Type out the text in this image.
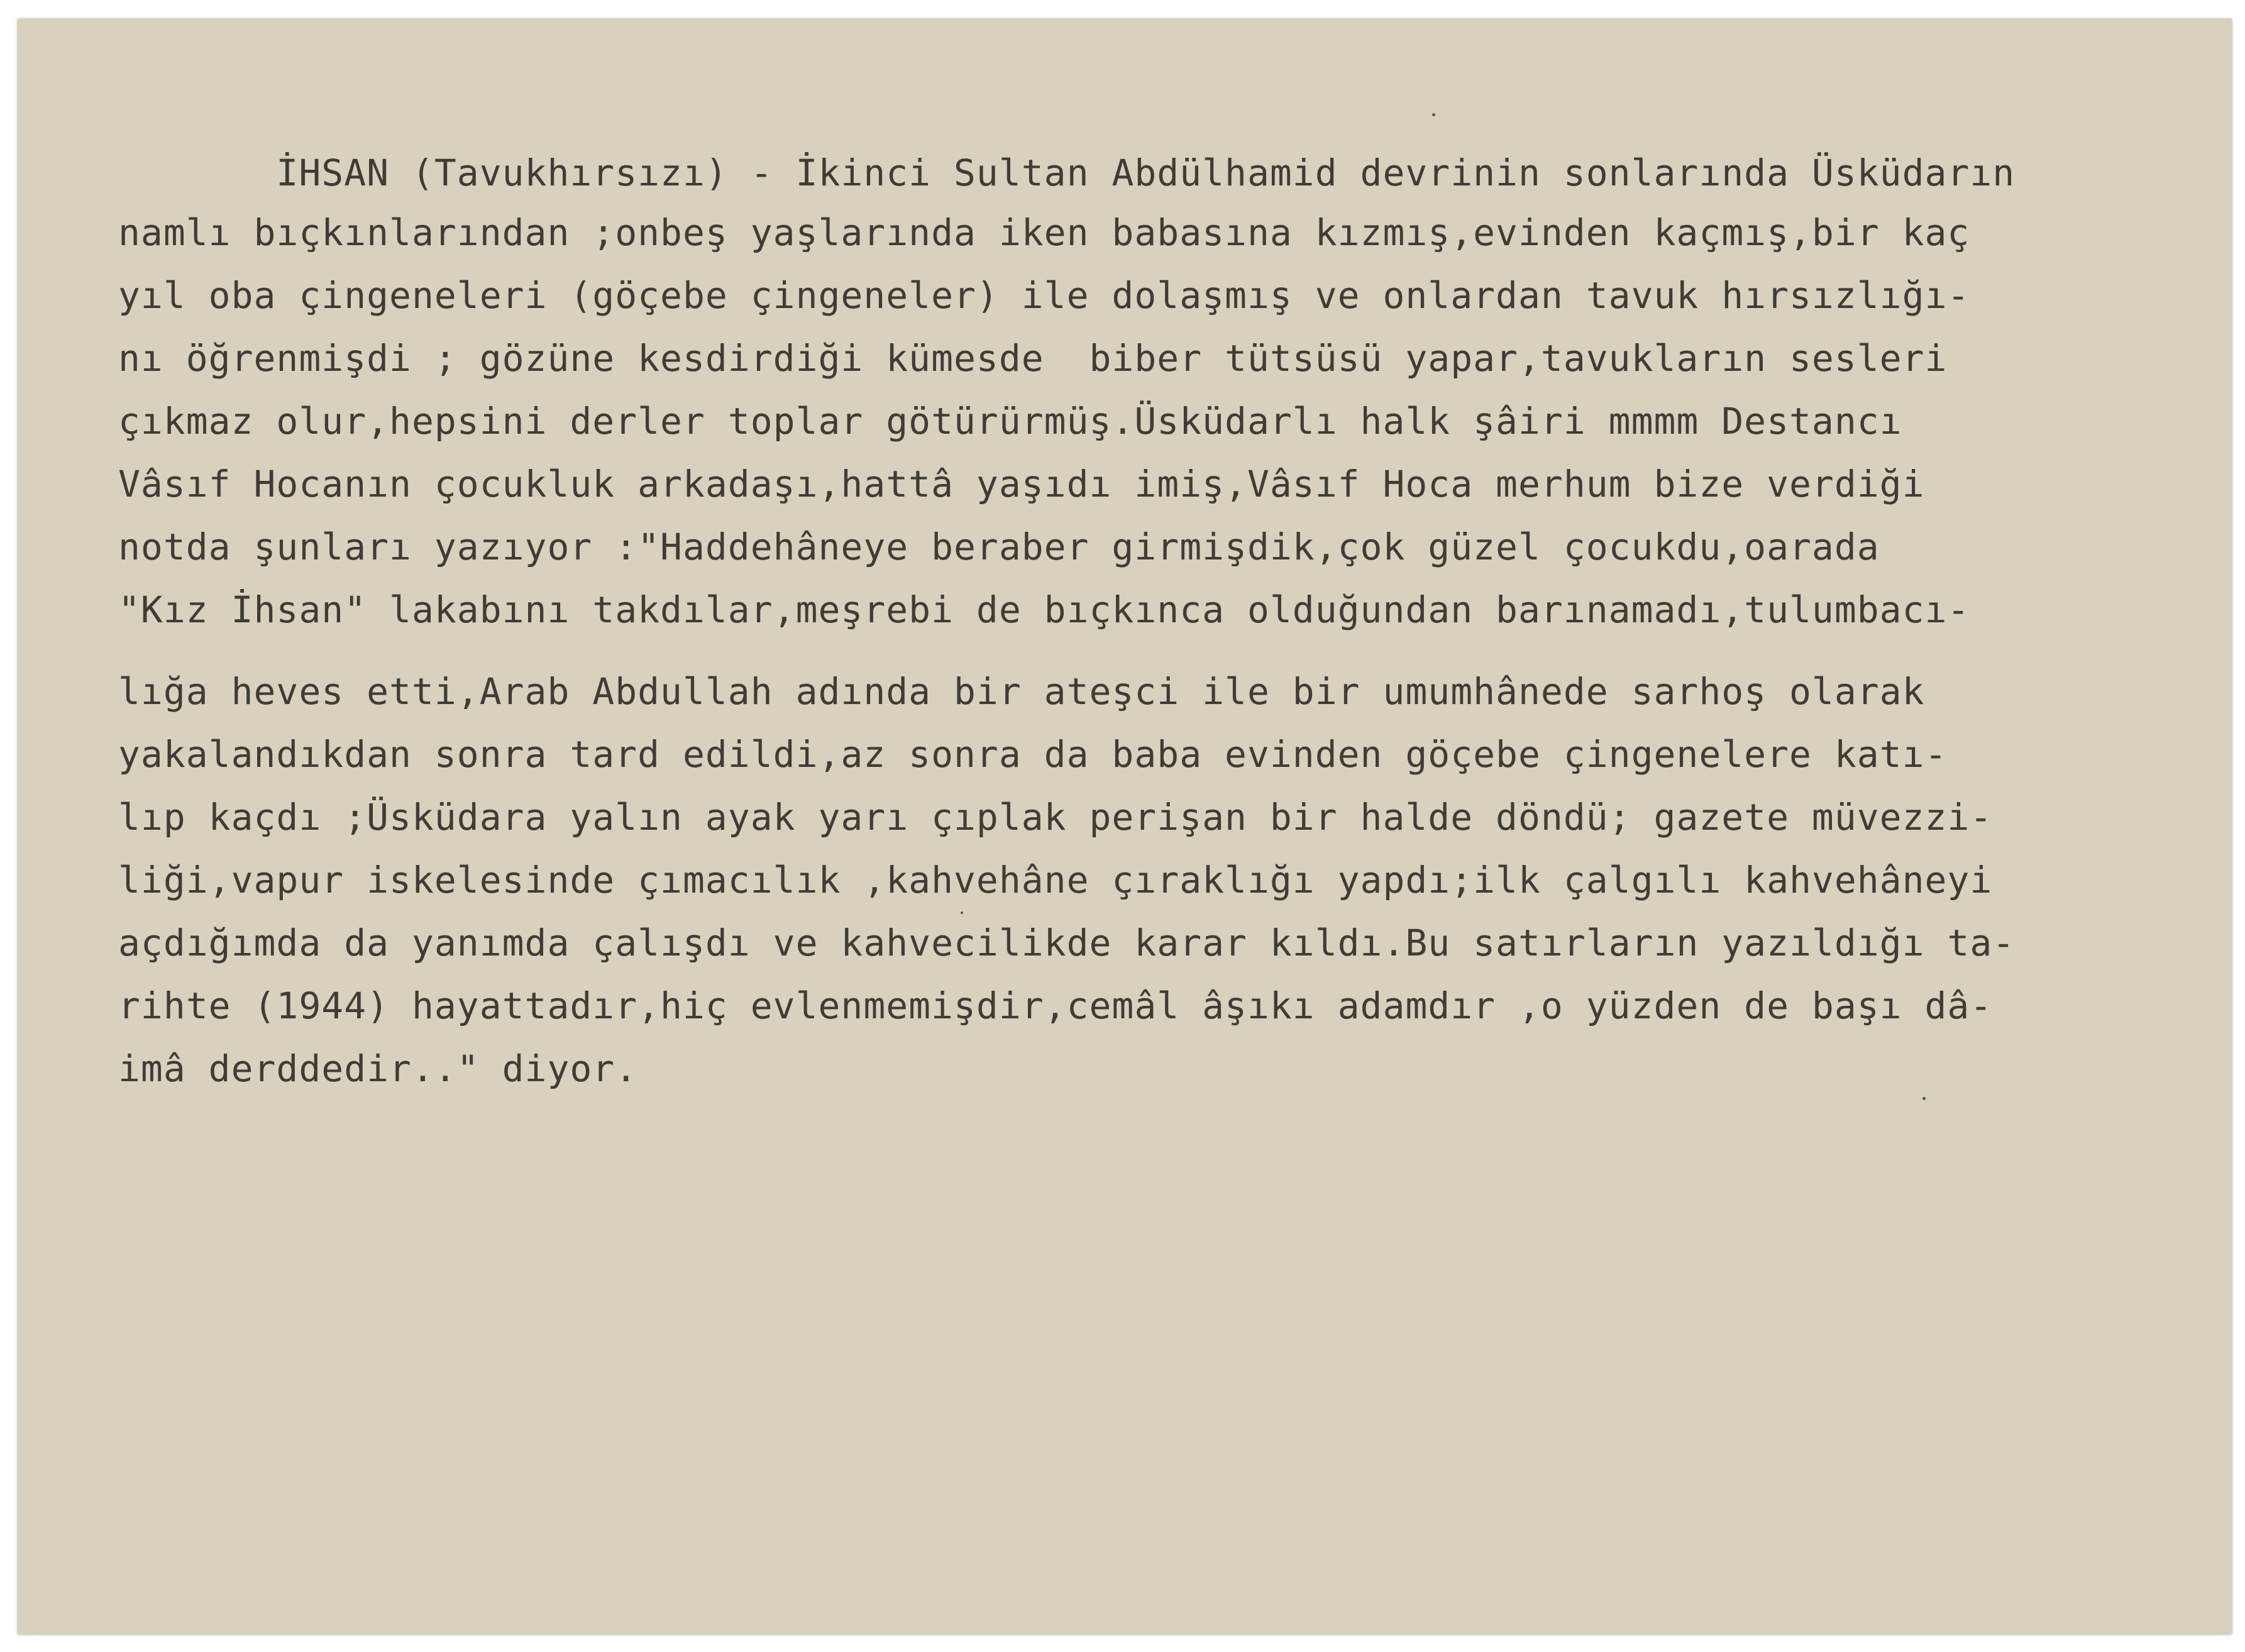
İHSAN (Tavukhırsızı) - İkinci Sultan Abdülhamid devrinin sonlarında Üsküdarın
namlı bıçkınlarından ;onbeş yaşlarında iken babasına kızmış,evinden kaçmış,bir kaç
yıl oba çingeneleri (göçebe çingeneler) ile dolaşmış ve onlardan tavuk hırsızlığı-
nı öğrenmişdi ; gözüne kesdirdiği kümesde  biber tütsüsü yapar,tavukların sesleri
çıkmaz olur,hepsini derler toplar götürürmüş.Üsküdarlı halk şâiri mmmm Destancı
Vâsıf Hocanın çocukluk arkadaşı,hattâ yaşıdı imiş,Vâsıf Hoca merhum bize verdiği
notda şunları yazıyor :"Haddehâneye beraber girmişdik,çok güzel çocukdu,oarada
"Kız İhsan" lakabını takdılar,meşrebi de bıçkınca olduğundan barınamadı,tulumbacı-
lığa heves etti,Arab Abdullah adında bir ateşci ile bir umumhânede sarhoş olarak
yakalandıkdan sonra tard edildi,az sonra da baba evinden göçebe çingenelere katı-
lıp kaçdı ;Üsküdara yalın ayak yarı çıplak perişan bir halde döndü; gazete müvezzi-
liği,vapur iskelesinde çımacılık ,kahvehâne çıraklığı yapdı;ilk çalgılı kahvehâneyi
açdığımda da yanımda çalışdı ve kahvecilikde karar kıldı.Bu satırların yazıldığı ta-
rihte (1944) hayattadır,hiç evlenmemişdir,cemâl âşıkı adamdır ,o yüzden de başı dâ-
imâ derddedir.." diyor.
